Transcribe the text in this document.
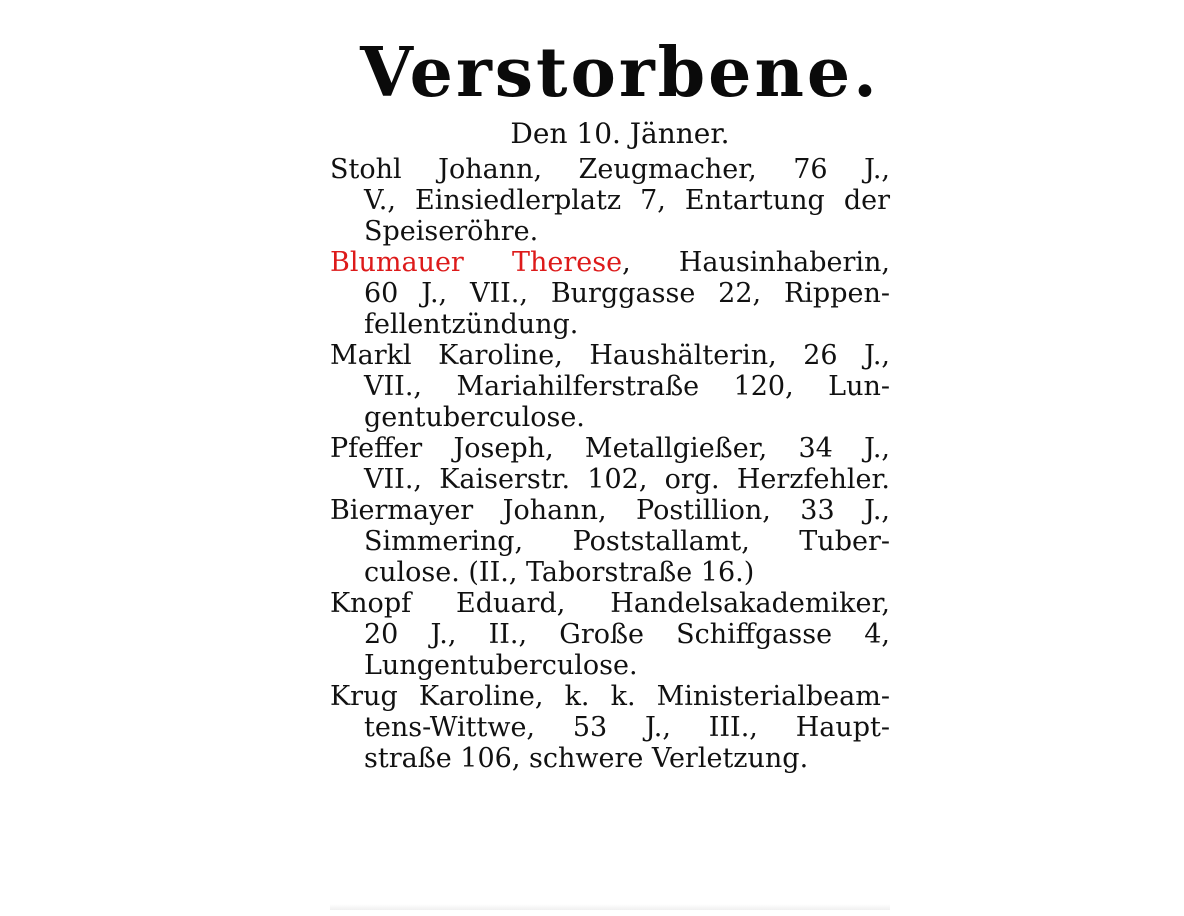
Verstorbene.

Den 10. Jänner.

Stohl Johann, Zeugmacher, 76 J.,
V., Einsiedlerplatz 7, Entartung der
Speiseröhre.
Blumauer Therese, Hausinhaberin,
60 J., VII., Burggasse 22, Rippen-
fellentzündung.
Markl Karoline, Haushälterin, 26 J.,
VII., Mariahilferstraße 120, Lun-
gentuberculose.
Pfeffer Joseph, Metallgießer, 34 J.,
VII., Kaiserstr. 102, org. Herzfehler.
Biermayer Johann, Postillion, 33 J.,
Simmering, Poststallamt, Tuber-
culose. (II., Taborstraße 16.)
Knopf Eduard, Handelsakademiker,
20 J., II., Große Schiffgasse 4,
Lungentuberculose.
Krug Karoline, k. k. Ministerialbeam-
tens-Wittwe, 53 J., III., Haupt-
straße 106, schwere Verletzung.
